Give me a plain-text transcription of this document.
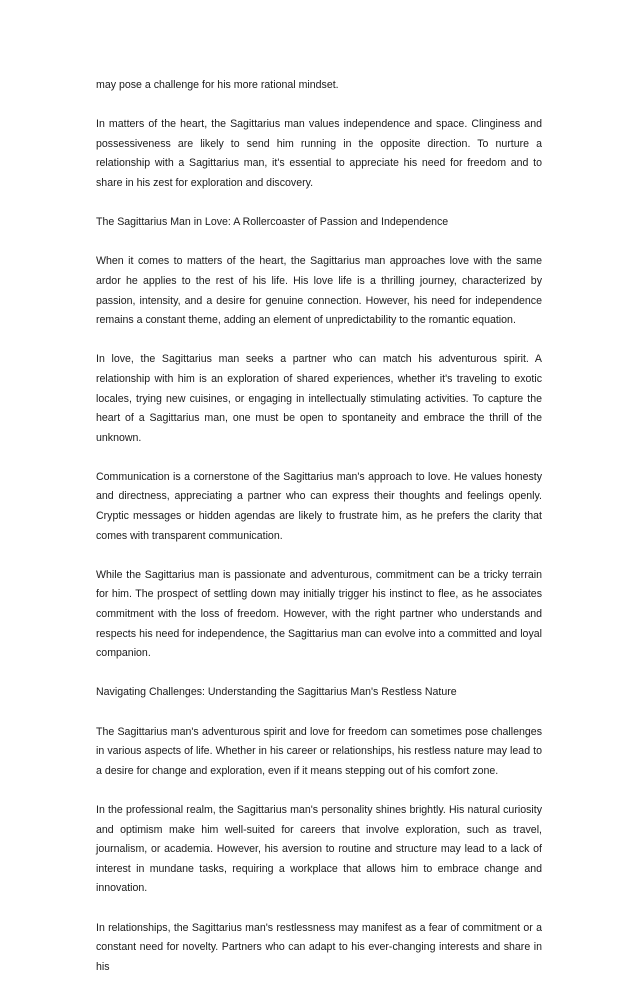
may pose a challenge for his more rational mindset.

In matters of the heart, the Sagittarius man values independence and space. Clinginess and possessiveness are likely to send him running in the opposite direction. To nurture a relationship with a Sagittarius man, it's essential to appreciate his need for freedom and to share in his zest for exploration and discovery.

The Sagittarius Man in Love: A Rollercoaster of Passion and Independence

When it comes to matters of the heart, the Sagittarius man approaches love with the same ardor he applies to the rest of his life. His love life is a thrilling journey, characterized by passion, intensity, and a desire for genuine connection. However, his need for independence remains a constant theme, adding an element of unpredictability to the romantic equation.

In love, the Sagittarius man seeks a partner who can match his adventurous spirit. A relationship with him is an exploration of shared experiences, whether it's traveling to exotic locales, trying new cuisines, or engaging in intellectually stimulating activities. To capture the heart of a Sagittarius man, one must be open to spontaneity and embrace the thrill of the unknown.

Communication is a cornerstone of the Sagittarius man's approach to love. He values honesty and directness, appreciating a partner who can express their thoughts and feelings openly. Cryptic messages or hidden agendas are likely to frustrate him, as he prefers the clarity that comes with transparent communication.

While the Sagittarius man is passionate and adventurous, commitment can be a tricky terrain for him. The prospect of settling down may initially trigger his instinct to flee, as he associates commitment with the loss of freedom. However, with the right partner who understands and respects his need for independence, the Sagittarius man can evolve into a committed and loyal companion.

Navigating Challenges: Understanding the Sagittarius Man's Restless Nature

The Sagittarius man's adventurous spirit and love for freedom can sometimes pose challenges in various aspects of life. Whether in his career or relationships, his restless nature may lead to a desire for change and exploration, even if it means stepping out of his comfort zone.

In the professional realm, the Sagittarius man's personality shines brightly. His natural curiosity and optimism make him well-suited for careers that involve exploration, such as travel, journalism, or academia. However, his aversion to routine and structure may lead to a lack of interest in mundane tasks, requiring a workplace that allows him to embrace change and innovation.

In relationships, the Sagittarius man's restlessness may manifest as a fear of commitment or a constant need for novelty. Partners who can adapt to his ever-changing interests and share in his
